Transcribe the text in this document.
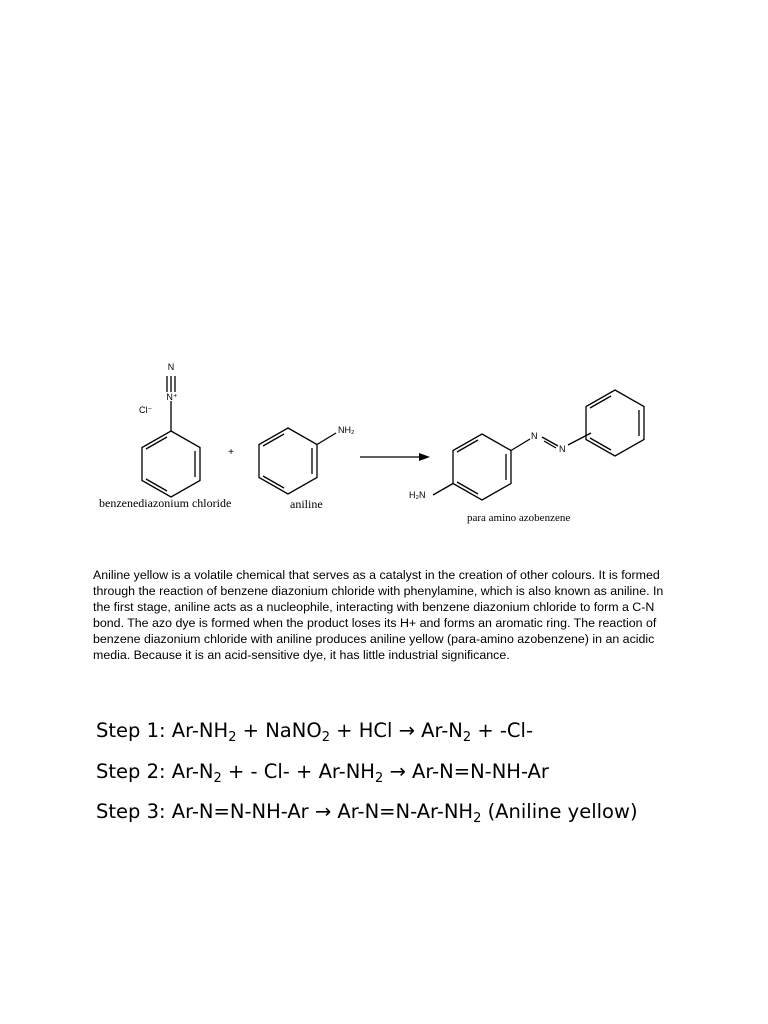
N
N⁺
Cl⁻
+
NH₂
H₂N
N
N
benzenediazonium chloride	aniline
para amino azobenzene

Aniline yellow is a volatile chemical that serves as a catalyst in the creation of other colours. It is formed through the reaction of benzene diazonium chloride with phenylamine, which is also known as aniline. In the first stage, aniline acts as a nucleophile, interacting with benzene diazonium chloride to form a C-N bond. The azo dye is formed when the product loses its H+ and forms an aromatic ring. The reaction of benzene diazonium chloride with aniline produces aniline yellow (para-amino azobenzene) in an acidic media. Because it is an acid-sensitive dye, it has little industrial significance.

Step 1: $Ar-NH_2$ + NaNO$_2$ + HCl → $Ar-N_2 + -Cl-$
Step 2: $Ar-N_2$ + - $Cl- + Ar-NH_2 \to Ar-N=N-NH-Ar$
Step 3: $Ar-N=N-NH-Ar \to Ar-N=N-Ar-NH_2$ (Aniline yellow)
